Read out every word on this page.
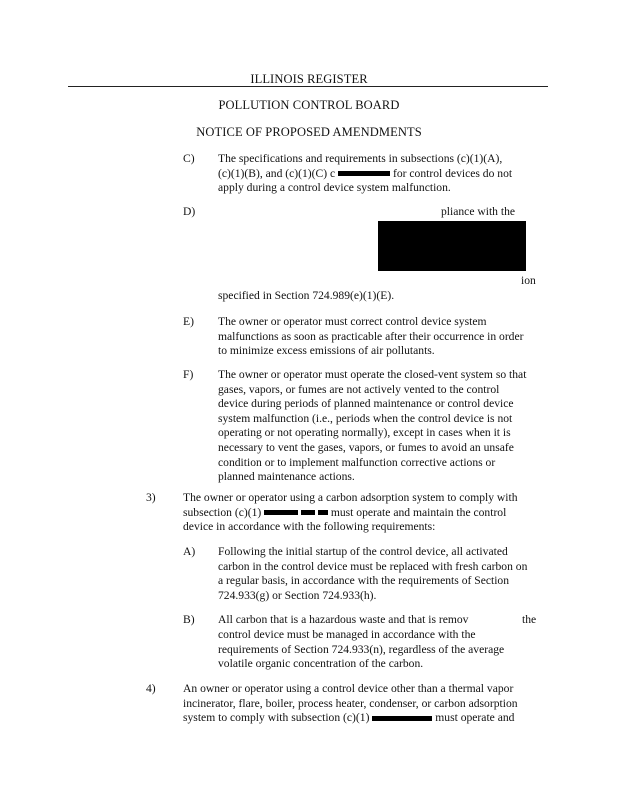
ILLINOIS REGISTER
POLLUTION CONTROL BOARD
NOTICE OF PROPOSED AMENDMENTS
C) The specifications and requirements in subsections (c)(1)(A),
(c)(1)(B), and (c)(1)(C) c	for control devices do not
apply during a control device system malfunction.
D)	pliance with the
ion
specified in Section 724.989(e)(1)(E).
E) The owner or operator must correct control device system
malfunctions as soon as practicable after their occurrence in order
to minimize excess emissions of air pollutants.
F) The owner or operator must operate the closed-vent system so that
gases, vapors, or fumes are not actively vented to the control
device during periods of planned maintenance or control device
system malfunction (i.e., periods when the control device is not
operating or not operating normally), except in cases when it is
necessary to vent the gases, vapors, or fumes to avoid an unsafe
condition or to implement malfunction corrective actions or
planned maintenance actions.
3) The owner or operator using a carbon adsorption system to comply with
subsection (c)(1)	must operate and maintain the control
device in accordance with the following requirements:
A) Following the initial startup of the control device, all activated
carbon in the control device must be replaced with fresh carbon on
a regular basis, in accordance with the requirements of Section
724.933(g) or Section 724.933(h).
B) All carbon that is a hazardous waste and that is remov	the
control device must be managed in accordance with the
requirements of Section 724.933(n), regardless of the average
volatile organic concentration of the carbon.
4) An owner or operator using a control device other than a thermal vapor
incinerator, flare, boiler, process heater, condenser, or carbon adsorption
system to comply with subsection (c)(1)	must operate and
